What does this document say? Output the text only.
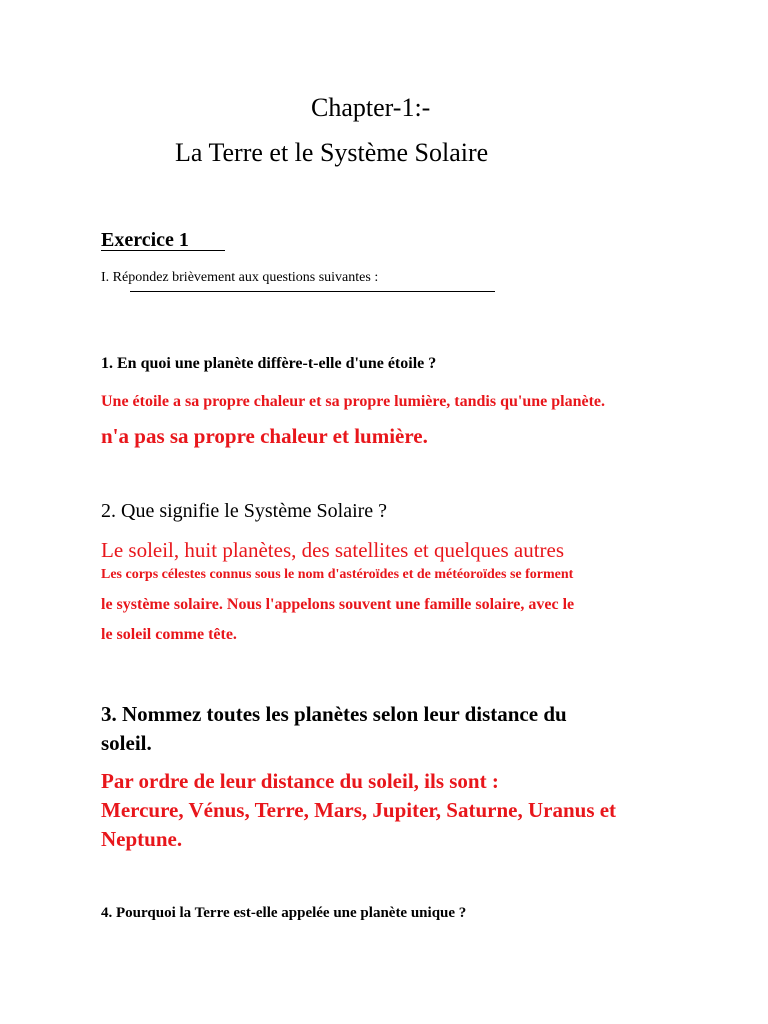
Chapter-1:-
La Terre et le Système Solaire
Exercice 1
I. Répondez brièvement aux questions suivantes :
1. En quoi une planète diffère-t-elle d'une étoile ?
Une étoile a sa propre chaleur et sa propre lumière, tandis qu'une planète.
n'a pas sa propre chaleur et lumière.
2. Que signifie le Système Solaire ?
Le soleil, huit planètes, des satellites et quelques autres
Les corps célestes connus sous le nom d'astéroïdes et de météoroïdes se forment
le système solaire. Nous l'appelons souvent une famille solaire, avec le
le soleil comme tête.
3. Nommez toutes les planètes selon leur distance du
soleil.
Par ordre de leur distance du soleil, ils sont :
Mercure, Vénus, Terre, Mars, Jupiter, Saturne, Uranus et
Neptune.
4. Pourquoi la Terre est-elle appelée une planète unique ?
